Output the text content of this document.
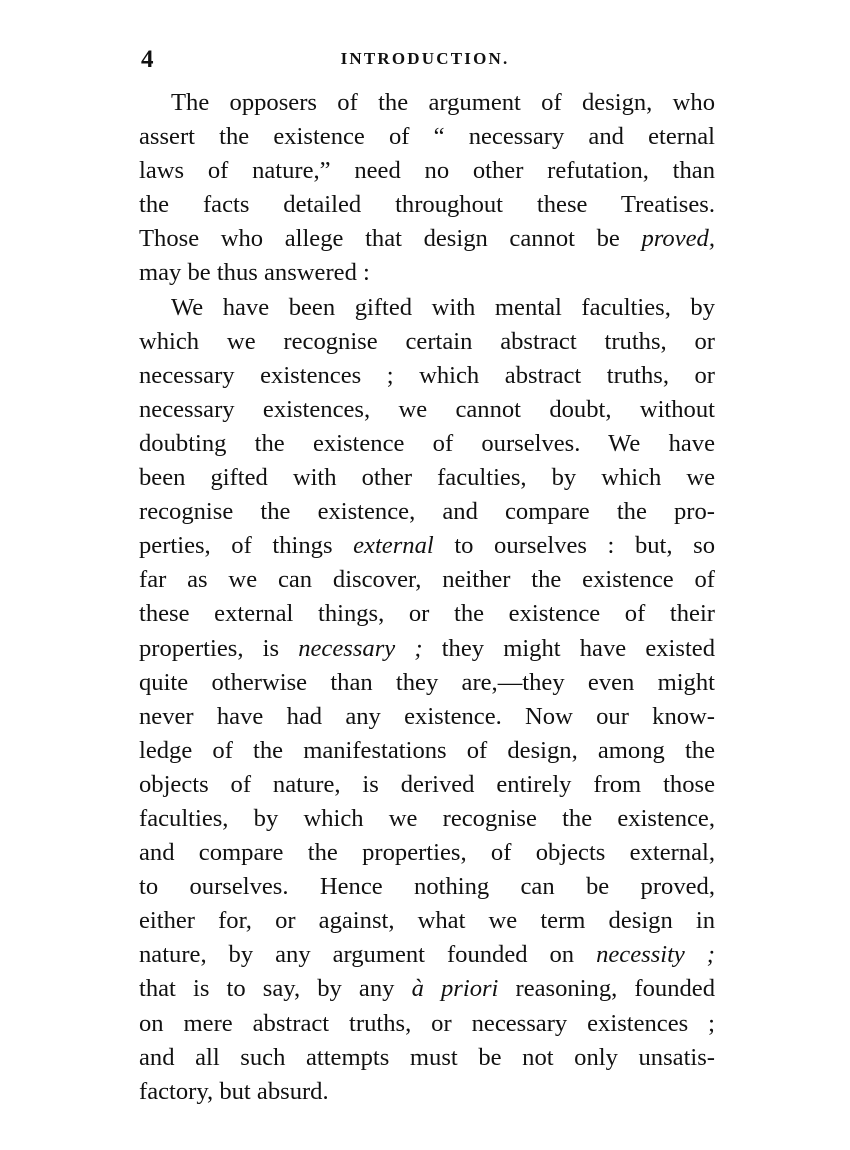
4	INTRODUCTION.
The opposers of the argument of design, who
assert the existence of “ necessary and eternal
laws of nature,” need no other refutation, than
the facts detailed throughout these Treatises.
Those who allege that design cannot be proved,
may be thus answered :
We have been gifted with mental faculties, by
which we recognise certain abstract truths, or
necessary existences ; which abstract truths, or
necessary existences, we cannot doubt, without
doubting the existence of ourselves. We have
been gifted with other faculties, by which we
recognise the existence, and compare the pro-
perties, of things external to ourselves : but, so
far as we can discover, neither the existence of
these external things, or the existence of their
properties, is necessary ; they might have existed
quite otherwise than they are,—they even might
never have had any existence. Now our know-
ledge of the manifestations of design, among the
objects of nature, is derived entirely from those
faculties, by which we recognise the existence,
and compare the properties, of objects external,
to ourselves. Hence nothing can be proved,
either for, or against, what we term design in
nature, by any argument founded on necessity ;
that is to say, by any à priori reasoning, founded
on mere abstract truths, or necessary existences ;
and all such attempts must be not only unsatis-
factory, but absurd.
